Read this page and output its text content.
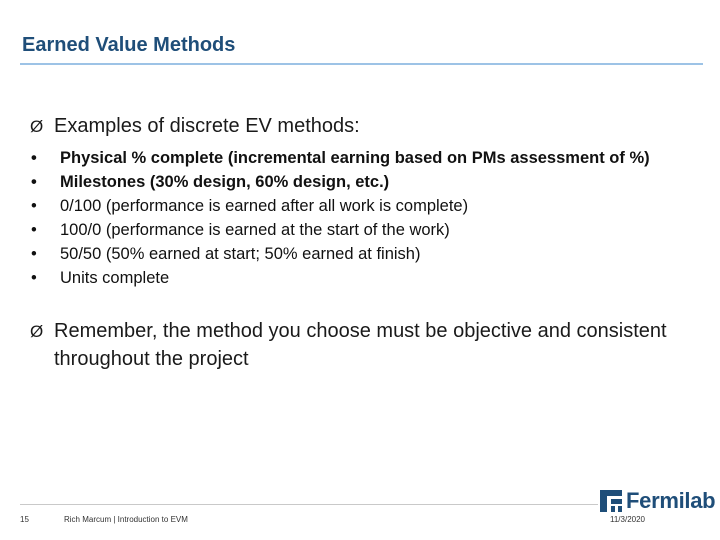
Earned Value Methods
Ø Examples of discrete EV methods:
•	Physical % complete (incremental earning based on PMs assessment of %)
•	Milestones (30% design, 60% design, etc.)
•	0/100 (performance is earned after all work is complete)
•	100/0 (performance is earned at the start of the work)
•	50/50 (50% earned at start; 50% earned at finish)
•	Units complete
Ø Remember, the method you choose must be objective and consistent throughout the project
15	Rich Marcum | Introduction to EVM	11/3/2020
Fermilab
